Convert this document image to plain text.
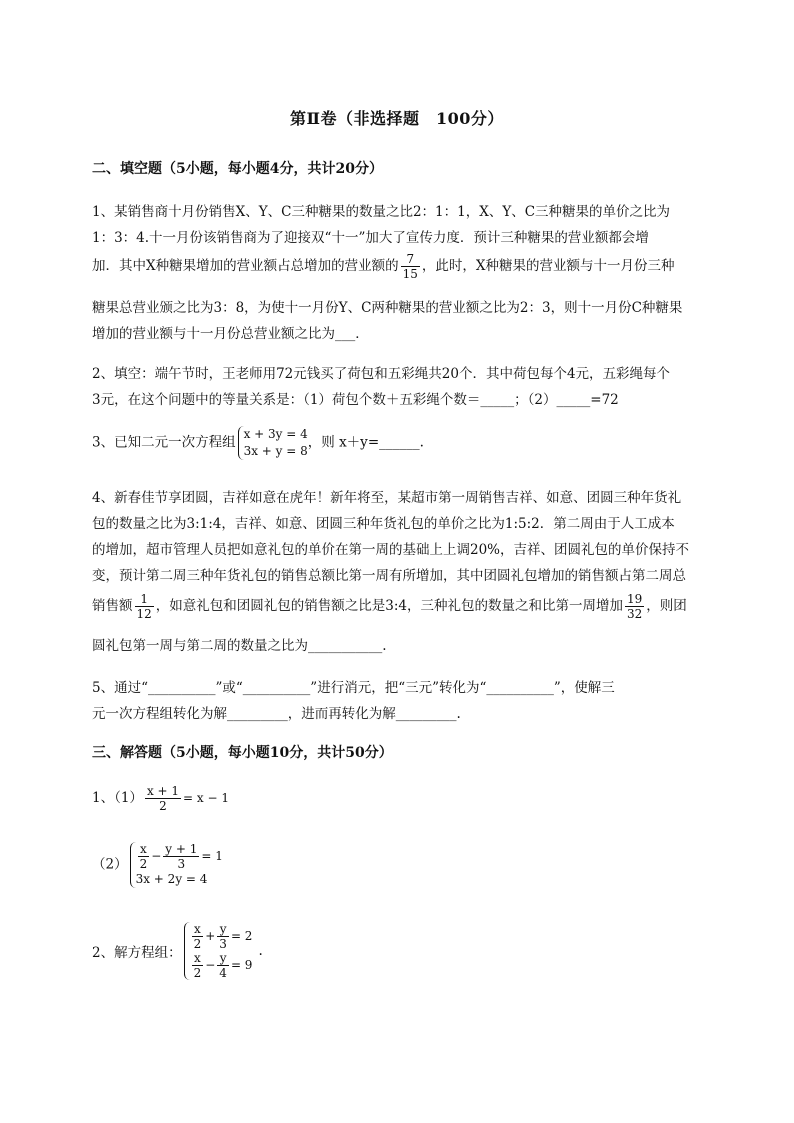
第Ⅱ卷（非选择题　100分）
二、填空题（5小题，每小题4分，共计20分）
1、某销售商十月份销售X、Y、C三种糖果的数量之比2：1：1，X、Y、C三种糖果的单价之比为
1：3：4.十一月份该销售商为了迎接双“十一”加大了宣传力度．预计三种糖果的营业额都会增
加．其中X种糖果增加的营业额占总增加的营业额的 $\frac{7}{15}$ ，此时，X种糖果的营业额与十一月份三种
糖果总营业颁之比为3：8，为使十一月份Y、C两种糖果的营业额之比为2：3，则十一月份C种糖果
增加的营业额与十一月份总营业额之比为___．
2、填空：端午节时，王老师用72元钱买了荷包和五彩绳共20个．其中荷包每个4元，五彩绳每个
3元，在这个问题中的等量关系是：（1）荷包个数＋五彩绳个数＝_____；（2）_____=72
3、已知二元一次方程组
x + 3y = 4
3x + y = 8
，则 x＋y=______.
4、新春佳节享团圆，吉祥如意在虎年！新年将至，某超市第一周销售吉祥、如意、团圆三种年货礼
包的数量之比为3:1:4，吉祥、如意、团圆三种年货礼包的单价之比为1:5:2．第二周由于人工成本
的增加，超市管理人员把如意礼包的单价在第一周的基础上上调20%，吉祥、团圆礼包的单价保持不
变，预计第二周三种年货礼包的销售总额比第一周有所增加，其中团圆礼包增加的销售额占第二周总
销售额 $\frac{1}{12}$ ，如意礼包和团圆礼包的销售额之比是3:4，三种礼包的数量之和比第一周增加 $\frac{19}{32}$ ，则团
圆礼包第一周与第二周的数量之比为___________.
5、通过“__________”或“__________”进行消元，把“三元”转化为“__________”，使解三
元一次方程组转化为解_________，进而再转化为解_________.
三、解答题（5小题，每小题10分，共计50分）
1、$(1) \frac{x + 1}{2} = x - 1$
$(2) \frac{x}{2} - \frac{y + 1}{3} = 1$
3x + 2y = 4
2、解方程组：
$\frac{x}{2} + \frac{y}{3} = 2$
$\frac{x}{2} - \frac{y}{4} = 9$
.
